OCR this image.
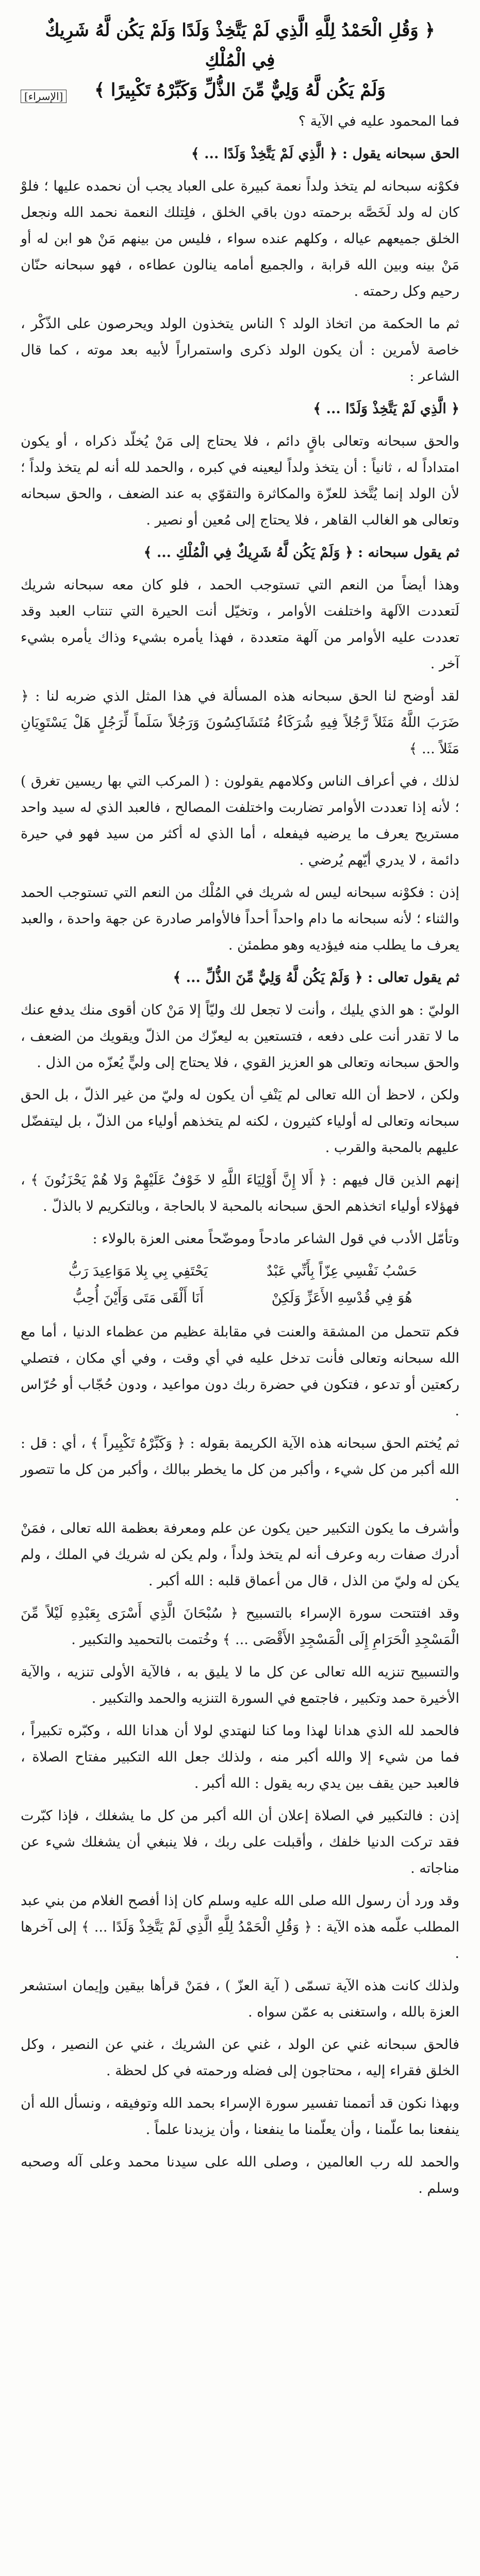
﴿ وَقُلِ الْحَمْدُ لِلَّهِ الَّذِي لَمْ يَتَّخِذْ وَلَدًا وَلَمْ يَكُن لَّهُ شَرِيكٌ فِي الْمُلْكِ
وَلَمْ يَكُن لَّهُ وَلِيٌّ مِّنَ الذُّلِّ وَكَبِّرْهُ تَكْبِيرًا ﴾
[الإسراء]

فما المحمود عليه في الآية ؟

الحق سبحانه يقول : ﴿ الَّذِي لَمْ يَتَّخِذْ وَلَدًا ... ﴾

فكوْنه سبحانه لم يتخذ ولداً نعمة كبيرة على العباد يجب أن نحمده عليها ؛ فلوْ كان له ولد لَخَصَّه برحمته دون باقي الخلق ، فلِتلك النعمة نحمد الله ونجعل الخلق جميعهم عياله ، وكلهم عنده سواء ، فليس من بينهم مَنْ هو ابن له أو مَنْ بينه وبين الله قرابة ، والجميع أمامه ينالون عطاءه ، فهو سبحانه حنّان رحيم وكل رحمته .

ثم ما الحكمة من اتخاذ الولد ؟ الناس يتخذون الولد ويحرصون على الذّكْر ، خاصة لأمرين : أن يكون الولد ذكرى واستمراراً لأبيه بعد موته ، كما قال الشاعر :

﴿ الَّذِي لَمْ يَتَّخِذْ وَلَدًا ... ﴾

والحق سبحانه وتعالى باقٍ دائم ، فلا يحتاج إلى مَنْ يُخلّد ذكراه ، أو يكون امتداداً له ، ثانياً : أن يتخذ ولداً ليعينه في كبره ، والحمد لله أنه لم يتخذ ولداً ؛ لأن الولد إنما يُتَّخذ للعزّة والمكاثرة والتقوّي به عند الضعف ، والحق سبحانه وتعالى هو الغالب القاهر ، فلا يحتاج إلى مُعين أو نصير .

ثم يقول سبحانه : ﴿ وَلَمْ يَكُن لَّهُ شَرِيكٌ فِي الْمُلْكِ ... ﴾

وهذا أيضاً من النعم التي تستوجب الحمد ، فلو كان معه سبحانه شريك لَتعددت الآلهة واختلفت الأوامر ، وتخيّل أنت الحيرة التي تنتاب العبد وقد تعددت عليه الأوامر من آلهة متعددة ، فهذا يأمره بشيء وذاك يأمره بشيء آخر .

لقد أوضح لنا الحق سبحانه هذه المسألة في هذا المثل الذي ضربه لنا : ﴿ ضَرَبَ اللَّهُ مَثَلاً رَّجُلاً فِيهِ شُرَكَاءُ مُتَشَاكِسُونَ وَرَجُلاً سَلَماً لِّرَجُلٍ هَلْ يَسْتَوِيَانِ مَثَلاً ... ﴾

لذلك ، في أعراف الناس وكلامهم يقولون : ( المركب التي بها ريسين تغرق ) ؛ لأنه إذا تعددت الأوامر تضاربت واختلفت المصالح ، فالعبد الذي له سيد واحد مستريح يعرف ما يرضيه فيفعله ، أما الذي له أكثر من سيد فهو في حيرة دائمة ، لا يدري أيّهم يُرضي .

إذن : فكوْنه سبحانه ليس له شريك في المُلْك من النعم التي تستوجب الحمد والثناء ؛ لأنه سبحانه ما دام واحداً أحداً فالأوامر صادرة عن جهة واحدة ، والعبد يعرف ما يطلب منه فيؤديه وهو مطمئن .

ثم يقول تعالى : ﴿ وَلَمْ يَكُن لَّهُ وَلِيٌّ مِّنَ الذُّلِّ ... ﴾

الوليّ : هو الذي يليك ، وأنت لا تجعل لك وليّاً إلا مَنْ كان أقوى منك يدفع عنك ما لا تقدر أنت على دفعه ، فتستعين به ليعزّك من الذلّ ويقويك من الضعف ، والحق سبحانه وتعالى هو العزيز القوي ، فلا يحتاج إلى وليٍّ يُعزّه من الذل .

ولكن ، لاحظ أن الله تعالى لم يَنْفِ أن يكون له وليّ من غير الذلّ ، بل الحق سبحانه وتعالى له أولياء كثيرون ، لكنه لم يتخذهم أولياء من الذلّ ، بل ليتفضّل عليهم بالمحبة والقرب .

إنهم الذين قال فيهم : ﴿ أَلا إِنَّ أَوْلِيَاءَ اللَّهِ لا خَوْفٌ عَلَيْهِمْ وَلا هُمْ يَحْزَنُونَ ﴾ ، فهؤلاء أولياء اتخذهم الحق سبحانه بالمحبة لا بالحاجة ، وبالتكريم لا بالذلّ .

وتأمّل الأدب في قول الشاعر مادحاً وموضّحاً معنى العزة بالولاء :

حَسْبُ نَفْسِي عِزّاً بِأَنِّي عَبْدٌ
يَحْتَفِي بِي بِلا مَوَاعِيدَ رَبُّ
هُوَ فِي قُدْسِهِ الأَعَزِّ وَلَكِنْ
أَنَا أَلْقَى مَتَى وَأَيْنَ أُحِبُّ

فكم تتحمل من المشقة والعنت في مقابلة عظيم من عظماء الدنيا ، أما مع الله سبحانه وتعالى فأنت تدخل عليه في أي وقت ، وفي أي مكان ، فتصلي ركعتين أو تدعو ، فتكون في حضرة ربك دون مواعيد ، ودون حُجّاب أو حُرّاس .

ثم يُختم الحق سبحانه هذه الآية الكريمة بقوله : ﴿ وَكَبِّرْهُ تَكْبِيراً ﴾ ، أي : قل : الله أكبر من كل شيء ، وأكبر من كل ما يخطر ببالك ، وأكبر من كل ما تتصور .

وأشرف ما يكون التكبير حين يكون عن علم ومعرفة بعظمة الله تعالى ، فمَنْ أدرك صفات ربه وعرف أنه لم يتخذ ولداً ، ولم يكن له شريك في الملك ، ولم يكن له وليّ من الذل ، قال من أعماق قلبه : الله أكبر .

وقد افتتحت سورة الإسراء بالتسبيح ﴿ سُبْحَانَ الَّذِي أَسْرَى بِعَبْدِهِ لَيْلاً مِّنَ الْمَسْجِدِ الْحَرَامِ إِلَى الْمَسْجِدِ الأَقْصَى ... ﴾ وخُتمت بالتحميد والتكبير .

والتسبيح تنزيه الله تعالى عن كل ما لا يليق به ، فالآية الأولى تنزيه ، والآية الأخيرة حمد وتكبير ، فاجتمع في السورة التنزيه والحمد والتكبير .

فالحمد لله الذي هدانا لهذا وما كنا لنهتدي لولا أن هدانا الله ، وكبّره تكبيراً ، فما من شيء إلا والله أكبر منه ، ولذلك جعل الله التكبير مفتاح الصلاة ، فالعبد حين يقف بين يدي ربه يقول : الله أكبر .

إذن : فالتكبير في الصلاة إعلان أن الله أكبر من كل ما يشغلك ، فإذا كبّرت فقد تركت الدنيا خلفك ، وأقبلت على ربك ، فلا ينبغي أن يشغلك شيء عن مناجاته .

وقد ورد أن رسول الله صلى الله عليه وسلم كان إذا أفصح الغلام من بني عبد المطلب علّمه هذه الآية : ﴿ وَقُلِ الْحَمْدُ لِلَّهِ الَّذِي لَمْ يَتَّخِذْ وَلَدًا ... ﴾ إلى آخرها .

ولذلك كانت هذه الآية تسمّى ( آية العزّ ) ، فمَنْ قرأها بيقين وإيمان استشعر العزة بالله ، واستغنى به عمّن سواه .

فالحق سبحانه غني عن الولد ، غني عن الشريك ، غني عن النصير ، وكل الخلق فقراء إليه ، محتاجون إلى فضله ورحمته في كل لحظة .

وبهذا نكون قد أتممنا تفسير سورة الإسراء بحمد الله وتوفيقه ، ونسأل الله أن ينفعنا بما علّمنا ، وأن يعلّمنا ما ينفعنا ، وأن يزيدنا علماً .

والحمد لله رب العالمين ، وصلى الله على سيدنا محمد وعلى آله وصحبه وسلم .
